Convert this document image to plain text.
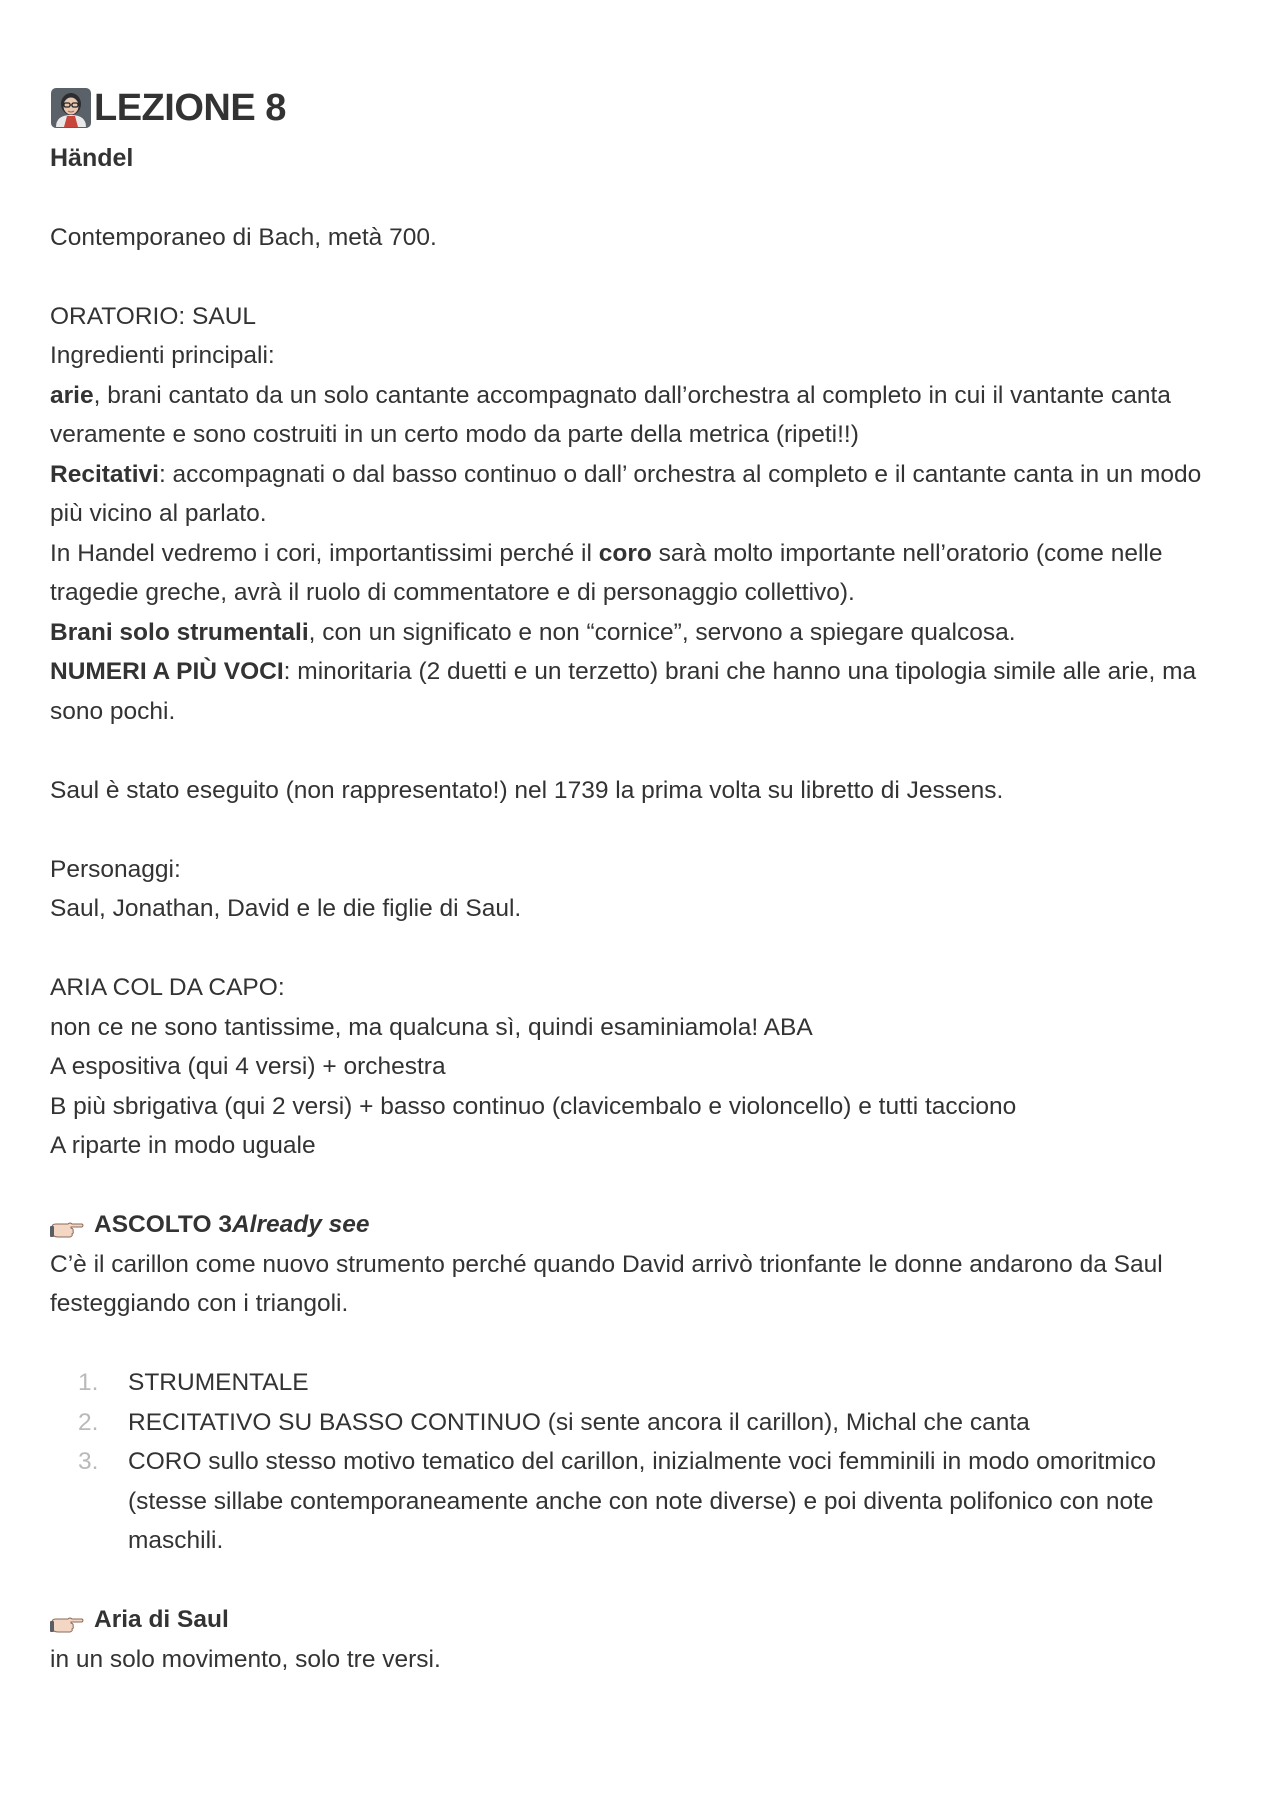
LEZIONE 8
Händel

Contemporaneo di Bach, metà 700.

ORATORIO: SAUL

Ingredienti principali:

arie, brani cantato da un solo cantante accompagnato dall’orchestra al completo in cui il vantante canta veramente e sono costruiti in un certo modo da parte della metrica (ripeti!!)

Recitativi: accompagnati o dal basso continuo o dall’ orchestra al completo e il cantante canta in un modo più vicino al parlato.

In Handel vedremo i cori, importantissimi perché il coro sarà molto importante nell’oratorio (come nelle tragedie greche, avrà il ruolo di commentatore e di personaggio collettivo).

Brani solo strumentali, con un significato e non “cornice”, servono a spiegare qualcosa.

NUMERI A PIÙ VOCI: minoritaria (2 duetti e un terzetto) brani che hanno una tipologia simile alle arie, ma sono pochi.

Saul è stato eseguito (non rappresentato!) nel 1739 la prima volta su libretto di Jessens.

Personaggi:

Saul, Jonathan, David e le die figlie di Saul.

ARIA COL DA CAPO:

non ce ne sono tantissime, ma qualcuna sì, quindi esaminiamola! ABA

A espositiva (qui 4 versi) + orchestra

B più sbrigativa (qui 2 versi) + basso continuo (clavicembalo e violoncello) e tutti tacciono

A riparte in modo uguale

ASCOLTO 3 Already see

C’è il carillon come nuovo strumento perché quando David arrivò trionfante le donne andarono da Saul festeggiando con i triangoli.

1.	STRUMENTALE
2.	RECITATIVO SU BASSO CONTINUO (si sente ancora il carillon), Michal che canta
3.	CORO sullo stesso motivo tematico del carillon, inizialmente voci femminili in modo omoritmico (stesse sillabe contemporaneamente anche con note diverse) e poi diventa polifonico con note maschili.
Aria di Saul

in un solo movimento, solo tre versi.
